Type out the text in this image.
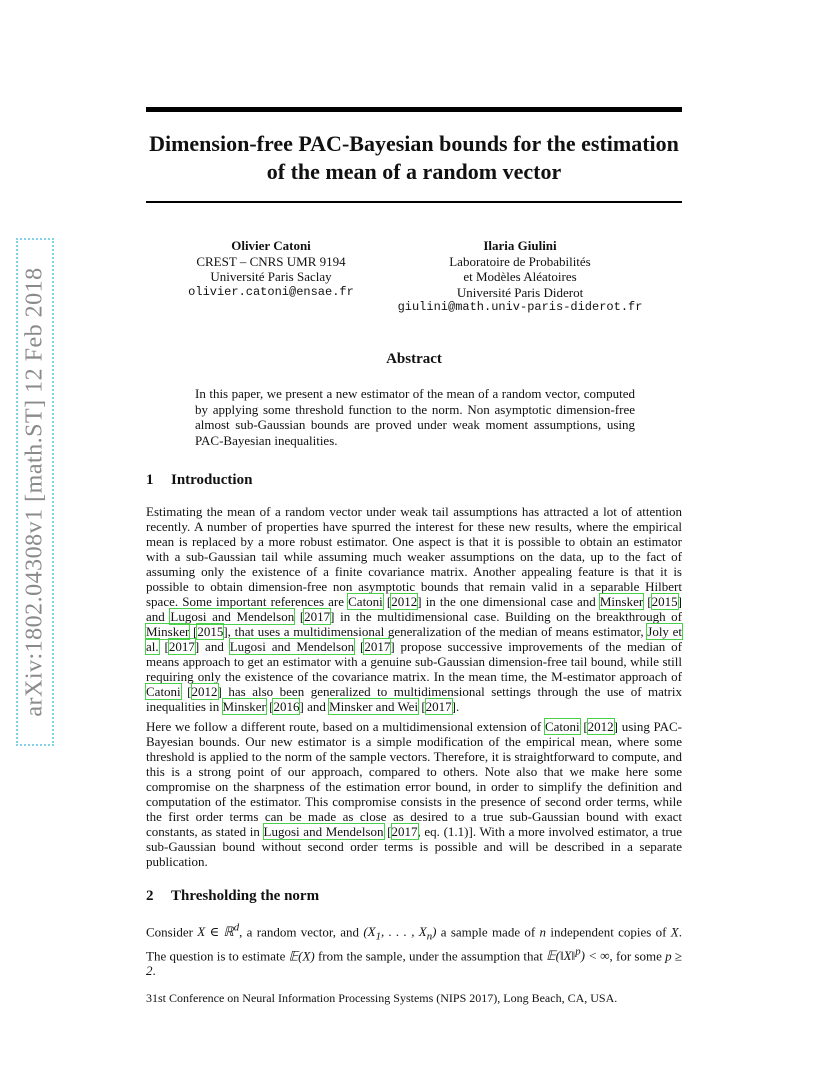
Dimension-free PAC-Bayesian bounds for the estimation of the mean of a random vector
arXiv:1802.04308v1 [math.ST] 12 Feb 2018
Olivier Catoni
CREST – CNRS UMR 9194
Université Paris Saclay
olivier.catoni@ensae.fr
Ilaria Giulini
Laboratoire de Probabilités
et Modèles Aléatoires
Université Paris Diderot
giulini@math.univ-paris-diderot.fr
Abstract
In this paper, we present a new estimator of the mean of a random vector, computed by applying some threshold function to the norm. Non asymptotic dimension-free almost sub-Gaussian bounds are proved under weak moment assumptions, using PAC-Bayesian inequalities.
1 Introduction
Estimating the mean of a random vector under weak tail assumptions has attracted a lot of attention recently. A number of properties have spurred the interest for these new results, where the empirical mean is replaced by a more robust estimator. One aspect is that it is possible to obtain an estimator with a sub-Gaussian tail while assuming much weaker assumptions on the data, up to the fact of assuming only the existence of a finite covariance matrix. Another appealing feature is that it is possible to obtain dimension-free non asymptotic bounds that remain valid in a separable Hilbert space. Some important references are Catoni [2012] in the one dimensional case and Minsker [2015] and Lugosi and Mendelson [2017] in the multidimensional case. Building on the breakthrough of Minsker [2015], that uses a multidimensional generalization of the median of means estimator, Joly et al. [2017] and Lugosi and Mendelson [2017] propose successive improvements of the median of means approach to get an estimator with a genuine sub-Gaussian dimension-free tail bound, while still requiring only the existence of the covariance matrix. In the mean time, the M-estimator approach of Catoni [2012] has also been generalized to multidimensional settings through the use of matrix inequalities in Minsker [2016] and Minsker and Wei [2017].
Here we follow a different route, based on a multidimensional extension of Catoni [2012] using PAC-Bayesian bounds. Our new estimator is a simple modification of the empirical mean, where some threshold is applied to the norm of the sample vectors. Therefore, it is straightforward to compute, and this is a strong point of our approach, compared to others. Note also that we make here some compromise on the sharpness of the estimation error bound, in order to simplify the definition and computation of the estimator. This compromise consists in the presence of second order terms, while the first order terms can be made as close as desired to a true sub-Gaussian bound with exact constants, as stated in Lugosi and Mendelson [2017, eq. (1.1)]. With a more involved estimator, a true sub-Gaussian bound without second order terms is possible and will be described in a separate publication.
2 Thresholding the norm
Consider X ∈ ℝ$^d$, a random vector, and ($X_1$, . . . , $X_n$) a sample made of n independent copies of X. The question is to estimate 𝔼(X) from the sample, under the assumption that 𝔼(‖X‖$^p$) < ∞, for some p ≥ 2.
31st Conference on Neural Information Processing Systems (NIPS 2017), Long Beach, CA, USA.
